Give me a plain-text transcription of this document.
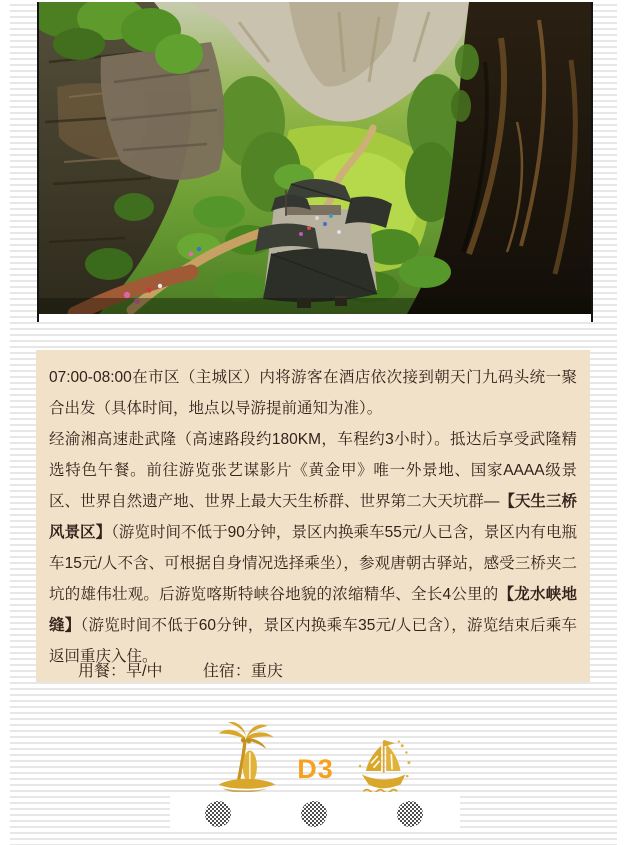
07:00-08:00在市区（主城区）内将游客在酒店依次接到朝天门九码头统一聚合出发（具体时间，地点以导游提前通知为准）。

经渝湘高速赴武隆（高速路段约180KM，车程约3小时）。抵达后享受武隆精选特色午餐。前往游览张艺谋影片《黄金甲》唯一外景地、国家AAAA级景区、世界自然遗产地、世界上最大天生桥群、世界第二大天坑群—【天生三桥风景区】（游览时间不低于90分钟，景区内换乘车55元/人已含，景区内有电瓶车15元/人不含、可根据自身情况选择乘坐），参观唐朝古驿站，感受三桥夹二坑的雄伟壮观。后游览喀斯特峡谷地貌的浓缩精华、全长4公里的【龙水峡地缝】（游览时间不低于60分钟，景区内换乘车35元/人已含），游览结束后乘车返回重庆入住。

用餐：早/中	住宿：重庆
D3
